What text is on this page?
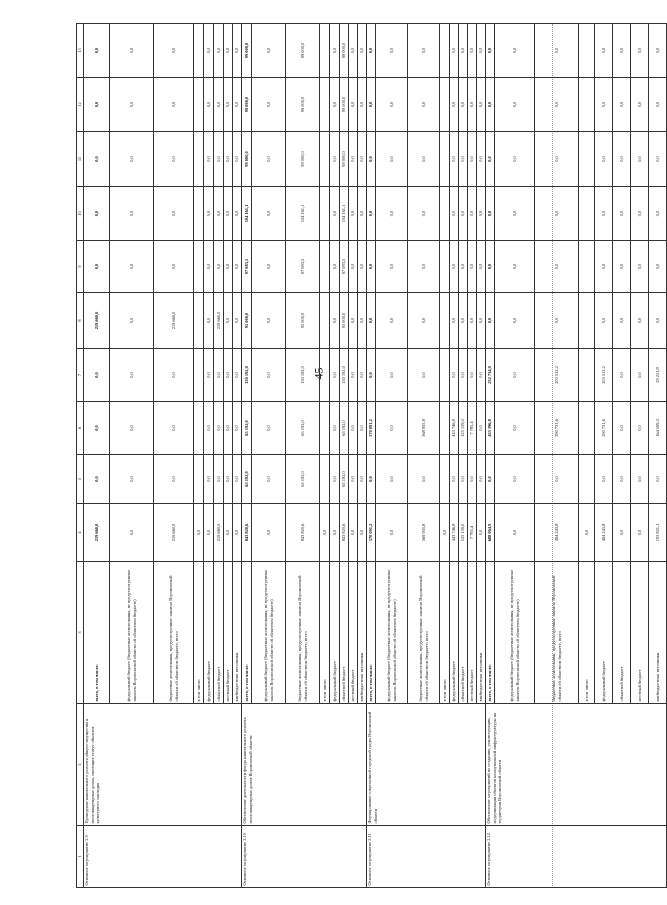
45
1	2	3	4	5	6	7	8	9	10	11	12	13
Основное мероприятие 2.9	Проведение капитального ремонта общего имущества в многоквартирных домах, имеющих статус объектов культурного наследия	всего, в том числе:	219 660,0	0,0	0,0	0,0	219 660,0	0,0	0,0	0,0	0,0	0,0
		федеральный бюджет (бюджетные ассигнования, не предусмотренные законом Воронежской области об областном бюджете)	0,0	0,0	0,0	0,0	0,0	0,0	0,0	0,0	0,0	0,0
		бюджетные ассигнования, предусмотренные законом Воронежской области об областном бюджете, всего	219 660,0	0,0	0,0	0,0	219 660,0	0,0	0,0	0,0	0,0	0,0
		в том числе:	0,0									
		федеральный бюджет	0,0	0,0	0,0	0,0	0,0	0,0	0,0	0,0	0,0	0,0
		областной бюджет	219 660,0	0,0	0,0	0,0	219 660,0	0,0	0,0	0,0	0,0	0,0
		местный бюджет	0,0	0,0	0,0	0,0	0,0	0,0	0,0	0,0	0,0	0,0
		внебюджетные источники	0,0	0,0	0,0	0,0	0,0	0,0	0,0	0,0	0,0	0,0
Основное мероприятие 2.10	Обеспечение деятельности фонда капитального ремонта многоквартирных домов Воронежской области	всего, в том числе:	843 820,6	65 192,0	65 192,0	130 192,0	95 000,0	97 083,5	104 161,1	99 000,0	99 000,0	99 000,0
		федеральный бюджет (бюджетные ассигнования, не предусмотренные законом Воронежской области об областном бюджете)	0,0	0,0	0,0	0,0	0,0	0,0	0,0	0,0	0,0	0,0
		бюджетные ассигнования, предусмотренные законом Воронежской области об областном бюджете, всего	843 820,6	65 192,0	65 192,0	130 192,0	95 000,0	97 083,5	104 161,1	99 000,0	99 000,0	99 000,0
		в том числе:	0,0									
		федеральный бюджет	0,0	0,0	0,0	0,0	0,0	0,0	0,0	0,0	0,0	0,0
		областной бюджет	843 820,6	65 192,0	65 192,0	130 192,0	95 000,0	97 083,5	104 161,1	99 000,0	99 000,0	99 000,0
		местный бюджет	0,0	0,0	0,0	0,0	0,0	0,0	0,0	0,0	0,0	0,0
		внебюджетные источники	0,0	0,0	0,0	0,0	0,0	0,0	0,0	0,0	0,0	0,0
Основное мероприятие 2.11	Формирование современной городской среды Воронежской области	всего, в том числе:	570 091,2	0,0	570 091,2	0,0	0,0	0,0	0,0	0,0	0,0	0,0
		федеральный бюджет (бюджетные ассигнования, не предусмотренные законом Воронежской области об областном бюджете)	0,0	0,0	0,0	0,0	0,0	0,0	0,0	0,0	0,0	0,0
		бюджетные ассигнования, предусмотренные законом Воронежской области об областном бюджете, всего	569 905,8	0,0	568 905,8	0,0	0,0	0,0	0,0	0,0	0,0	0,0
		в том числе:	0,0									
		федеральный бюджет	443 746,8	0,0	443 746,8	0,0	0,0	0,0	0,0	0,0	0,0	0,0
		областной бюджет	125 159,0	0,0	125 159,0	0,0	0,0	0,0	0,0	0,0	0,0	0,0
		местный бюджет	7 785,4	0,0	7 785,4	0,0	0,0	0,0	0,0	0,0	0,0	0,0
		внебюджетные источники	0,0	0,0	0,0	0,0	0,0	0,0	0,0	0,0	0,0	0,0
Основное мероприятие 2.12	Обеспечение мероприятий по созданию, реконструкции, модернизации объектов коммунальной инфраструктуры на территории Воронежской области	всего, в том числе:	688 064,9	0,0	453 396,8	232 734,0	0,0	0,0	0,0	0,0	0,0	0,0
		федеральный бюджет (бюджетные ассигнования, не предусмотренные законом Воронежской области об областном бюджете)	0,0	0,0	0,0	0,0	0,0	0,0	0,0	0,0	0,0	0,0
		бюджетные ассигнования, предусмотренные законом Воронежской области об областном бюджете, всего	494 243,8	0,0	290 731,6	203 512,2	0,0	0,0	0,0	0,0	0,0	0,0
		в том числе:	0,0									
		федеральный бюджет	494 243,8	0,0	290 731,6	203 512,2	0,0	0,0	0,0	0,0	0,0	0,0
		областной бюджет	0,0	0,0	0,0	0,0	0,0	0,0	0,0	0,0	0,0	0,0
		местный бюджет	0,0	0,0	0,0	0,0	0,0	0,0	0,0	0,0	0,0	0,0
		внебюджетные источники	193 821,1	0,0	164 599,3	29 221,8	0,0	0,0	0,0	0,0	0,0	0,0
